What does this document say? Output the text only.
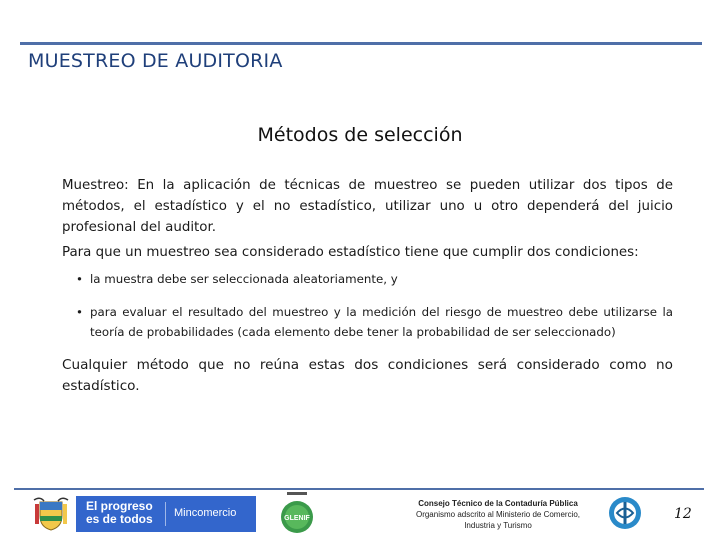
MUESTREO DE AUDITORIA
Métodos de selección

Muestreo: En la aplicación de técnicas de muestreo se pueden utilizar dos tipos de métodos, el estadístico y el no estadístico, utilizar uno u otro dependerá del juicio profesional del auditor.

Para que un muestreo sea considerado estadístico tiene que cumplir dos condiciones:

• la muestra debe ser seleccionada aleatoriamente, y
• para evaluar el resultado del muestreo y la medición del riesgo de muestreo debe utilizarse la teoría de probabilidades (cada elemento debe tener la probabilidad de ser seleccionado)

Cualquier método que no reúna estas dos condiciones será considerado como no estadístico.

El progreso
es de todos Mincomercio	GLENIF
Consejo Técnico de la Contaduría Pública
Organismo adscrito al Ministerio de Comercio, Industria y Turismo
12
